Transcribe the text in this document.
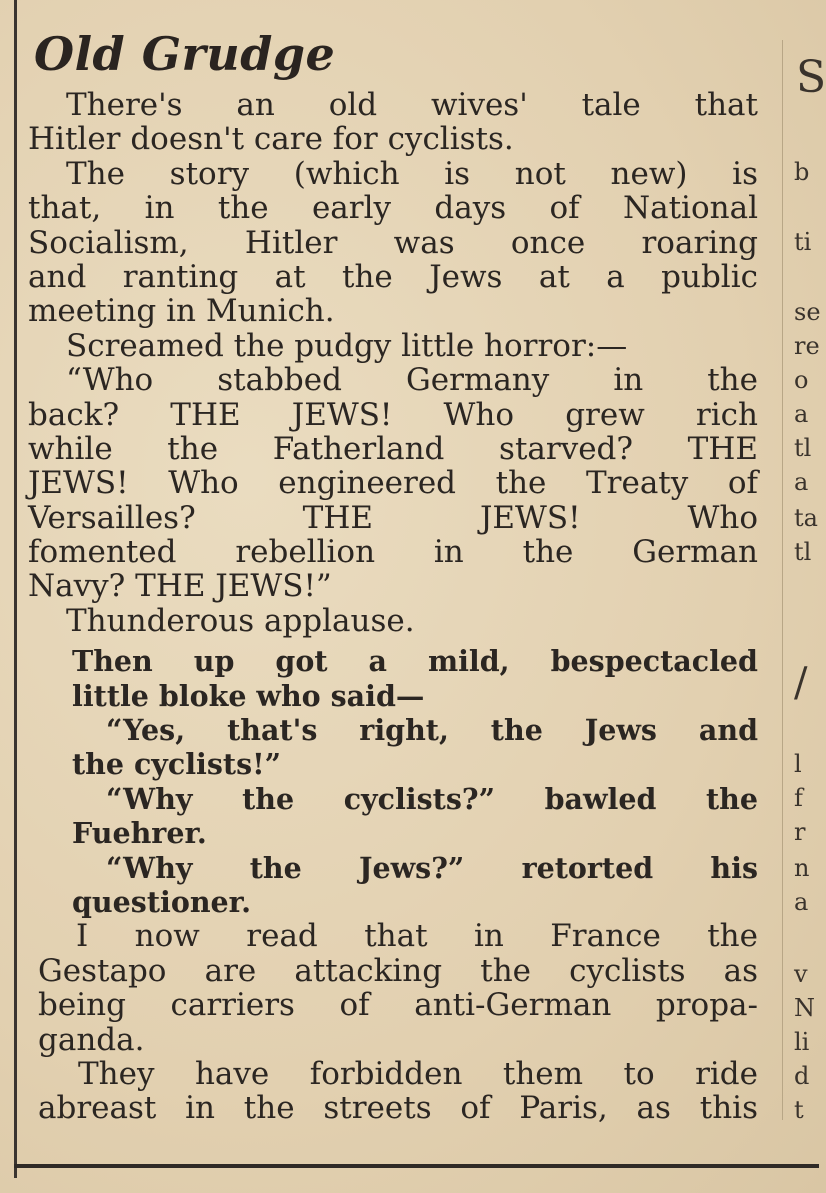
Old Grudge
There's an old wives' tale that
Hitler doesn't care for cyclists.
The story (which is not new) is
that, in the early days of National
Socialism, Hitler was once roaring
and ranting at the Jews at a public
meeting in Munich.
Screamed the pudgy little horror:—
“Who stabbed Germany in the
back? THE JEWS! Who grew rich
while the Fatherland starved? THE
JEWS! Who engineered the Treaty of
Versailles? THE JEWS! Who
fomented rebellion in the German
Navy? THE JEWS!”
Thunderous applause.
Then up got a mild, bespectacled
little bloke who said—
“Yes, that's right, the Jews and
the cyclists!”
“Why the cyclists?” bawled the
Fuehrer.
“Why the Jews?” retorted his
questioner.
I now read that in France the
Gestapo are attacking the cyclists as
being carriers of anti-German propa-
ganda.
They have forbidden them to ride
abreast in the streets of Paris, as this
S
b
ti
se
re
o
a
tl
a
ta
tl
/
l
f
r
n
a
v
N
li
d
t
